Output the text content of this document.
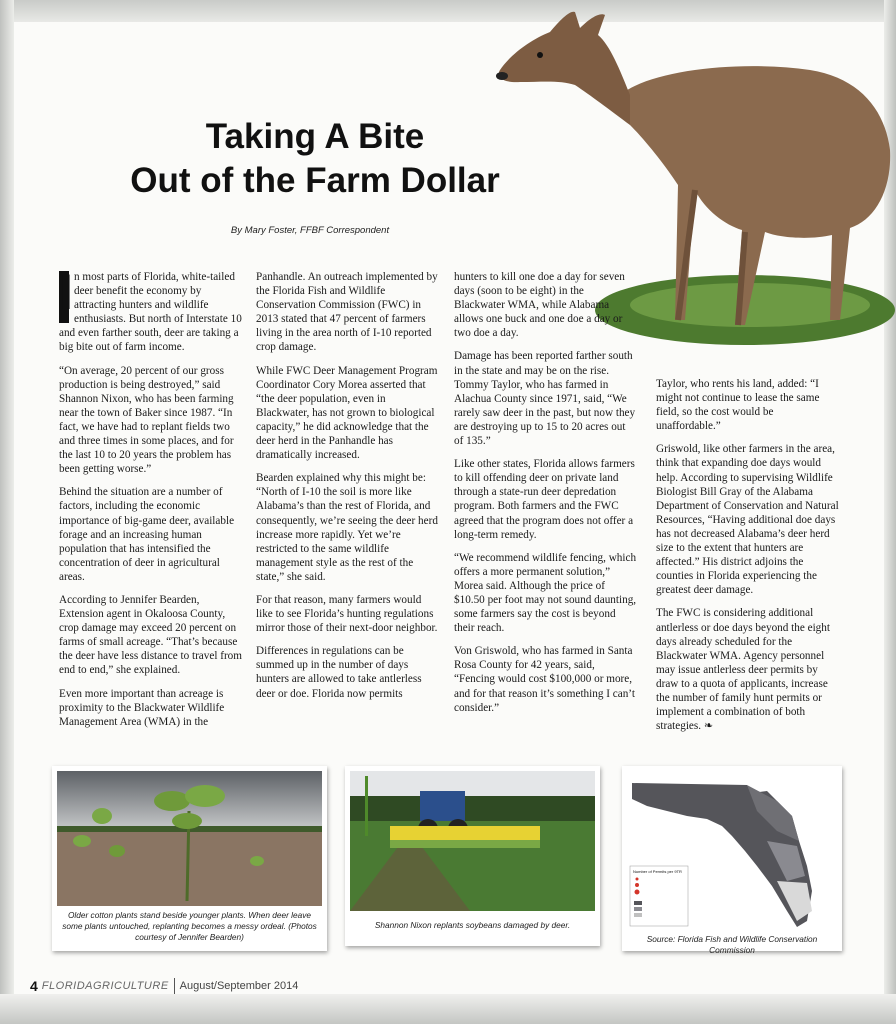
Taking A Bite
Out of the Farm Dollar
By Mary Foster, FFBF Correspondent

I n most parts of Florida, white-tailed deer benefit the economy by attracting hunters and wildlife enthusiasts. But north of Interstate 10 and even farther south, deer are taking a big bite out of farm income.

“On average, 20 percent of our gross production is being destroyed,” said Shannon Nixon, who has been farming near the town of Baker since 1987. “In fact, we have had to replant fields two and three times in some places, and for the last 10 to 20 years the problem has been getting worse.”

Behind the situation are a number of factors, including the economic importance of big-game deer, available forage and an increasing human population that has intensified the concentration of deer in agricultural areas.

According to Jennifer Bearden, Extension agent in Okaloosa County, crop damage may exceed 20 percent on farms of small acreage. “That’s because the deer have less distance to travel from end to end,” she explained.

Even more important than acreage is proximity to the Blackwater Wildlife Management Area (WMA) in the

Panhandle. An outreach implemented by the Florida Fish and Wildlife Conservation Commission (FWC) in 2013 stated that 47 percent of farmers living in the area north of I-10 reported crop damage.

While FWC Deer Management Program Coordinator Cory Morea asserted that “the deer population, even in Blackwater, has not grown to biological capacity,” he did acknowledge that the deer herd in the Panhandle has dramatically increased.

Bearden explained why this might be: “North of I-10 the soil is more like Alabama’s than the rest of Florida, and consequently, we’re seeing the deer herd increase more rapidly. Yet we’re restricted to the same wildlife management style as the rest of the state,” she said.

For that reason, many farmers would like to see Florida’s hunting regulations mirror those of their next-door neighbor.

Differences in regulations can be summed up in the number of days hunters are allowed to take antlerless deer or doe. Florida now permits

hunters to kill one doe a day for seven days (soon to be eight) in the Blackwater WMA, while Alabama allows one buck and one doe a day or two doe a day.

Damage has been reported farther south in the state and may be on the rise. Tommy Taylor, who has farmed in Alachua County since 1971, said, “We rarely saw deer in the past, but now they are destroying up to 15 to 20 acres out of 135.”

Like other states, Florida allows farmers to kill offending deer on private land through a state-run deer depredation program. Both farmers and the FWC agreed that the program does not offer a long-term remedy.

“We recommend wildlife fencing, which offers a more permanent solution,” Morea said. Although the price of $10.50 per foot may not sound daunting, some farmers say the cost is beyond their reach.

Von Griswold, who has farmed in Santa Rosa County for 42 years, said, “Fencing would cost $100,000 or more, and for that reason it’s something I can’t consider.”

Taylor, who rents his land, added: “I might not continue to lease the same field, so the cost would be unaffordable.”

Griswold, like other farmers in the area, think that expanding doe days would help. According to supervising Wildlife Biologist Bill Gray of the Alabama Department of Conservation and Natural Resources, “Having additional doe days has not decreased Alabama’s deer herd size to the extent that hunters are affected.” His district adjoins the counties in Florida experiencing the greatest deer damage.

The FWC is considering additional antlerless or doe days beyond the eight days already scheduled for the Blackwater WMA. Agency personnel may issue antlerless deer permits by draw to a quota of applicants, increase the number of family hunt permits or implement a combination of both strategies. ❧

Older cotton plants stand beside younger plants. When deer leave some plants untouched, replanting becomes a messy ordeal. (Photos courtesy of Jennifer Bearden)
Shannon Nixon replants soybeans damaged by deer.
Number of Permits per 9TR
Deer Depredation Permits 2012
Source: Florida Fish and Wildlife Conservation Commission
4 FLORIDAGRICULTURE August/September 2014
